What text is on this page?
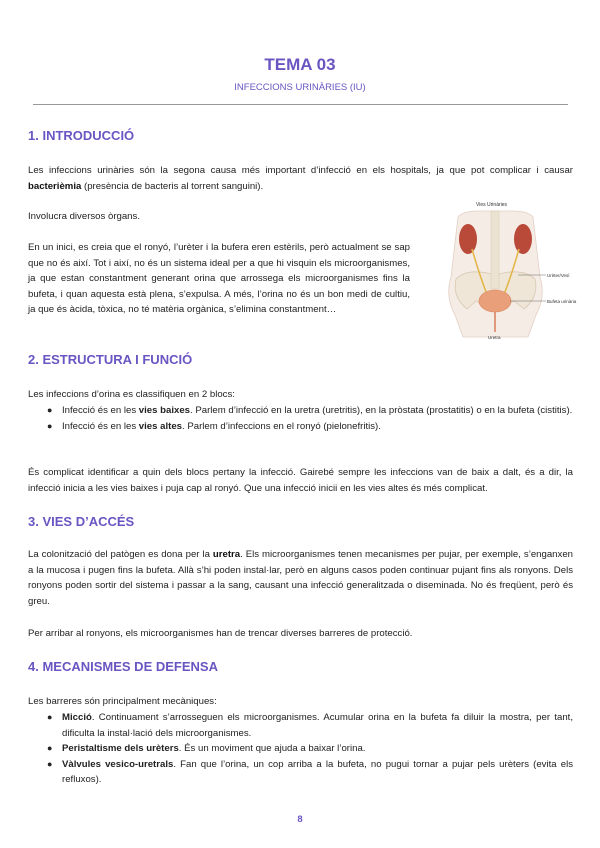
TEMA 03
INFECCIONS URINÀRIES (IU)
1. INTRODUCCIÓ

Les infeccions urinàries són la segona causa més important d’infecció en els hospitals, ja que pot complicar i causar bacterièmia (presència de bacteris al torrent sanguini).

Involucra diversos òrgans.

En un inici, es creia que el ronyó, l’urèter i la bufera eren estèrils, però actualment se sap que no és així. Tot i així, no és un sistema ideal per a que hi visquin els microorganismes, ja que estan constantment generant orina que arrossega els microorganismes fins la bufeta, i quan aquesta està plena, s’expulsa. A més, l’orina no és un bon medi de cultiu, ja que és àcida, tòxica, no té matèria orgànica, s’elimina constantment…

Vies Urinàries
Urèter/Vesì
Bufeta urinària
Uretra
2. ESTRUCTURA I FUNCIÓ

Les infeccions d’orina es classifiquen en 2 blocs:

● Infecció és en les vies baixes. Parlem d’infecció en la uretra (uretritis), en la pròstata (prostatitis) o en la bufeta (cistitis).
● Infecció és en les vies altes. Parlem d’infeccions en el ronyó (pielonefritis).

És complicat identificar a quin dels blocs pertany la infecció. Gairebé sempre les infeccions van de baix a dalt, és a dir, la infecció inicia a les vies baixes i puja cap al ronyó. Que una infecció inicii en les vies altes és més complicat.

3. VIES D’ACCÉS

La colonització del patògen es dona per la uretra. Els microorganismes tenen mecanismes per pujar, per exemple, s’enganxen a la mucosa i pugen fins la bufeta. Allà s’hi poden instal·lar, però en alguns casos poden continuar pujant fins als ronyons. Dels ronyons poden sortir del sistema i passar a la sang, causant una infecció generalitzada o diseminada. No és freqüent, però és greu.

Per arribar al ronyons, els microorganismes han de trencar diverses barreres de protecció.

4. MECANISMES DE DEFENSA

Les barreres són principalment mecàniques:

● Micció. Continuament s’arrosseguen els microorganismes. Acumular orina en la bufeta fa diluir la mostra, per tant, dificulta la instal·lació dels microorganismes.
● Peristaltisme dels urèters. És un moviment que ajuda a baixar l’orina.
● Vàlvules vesico-uretrals. Fan que l’orina, un cop arriba a la bufeta, no pugui tornar a pujar pels urèters (evita els refluxos).
8
